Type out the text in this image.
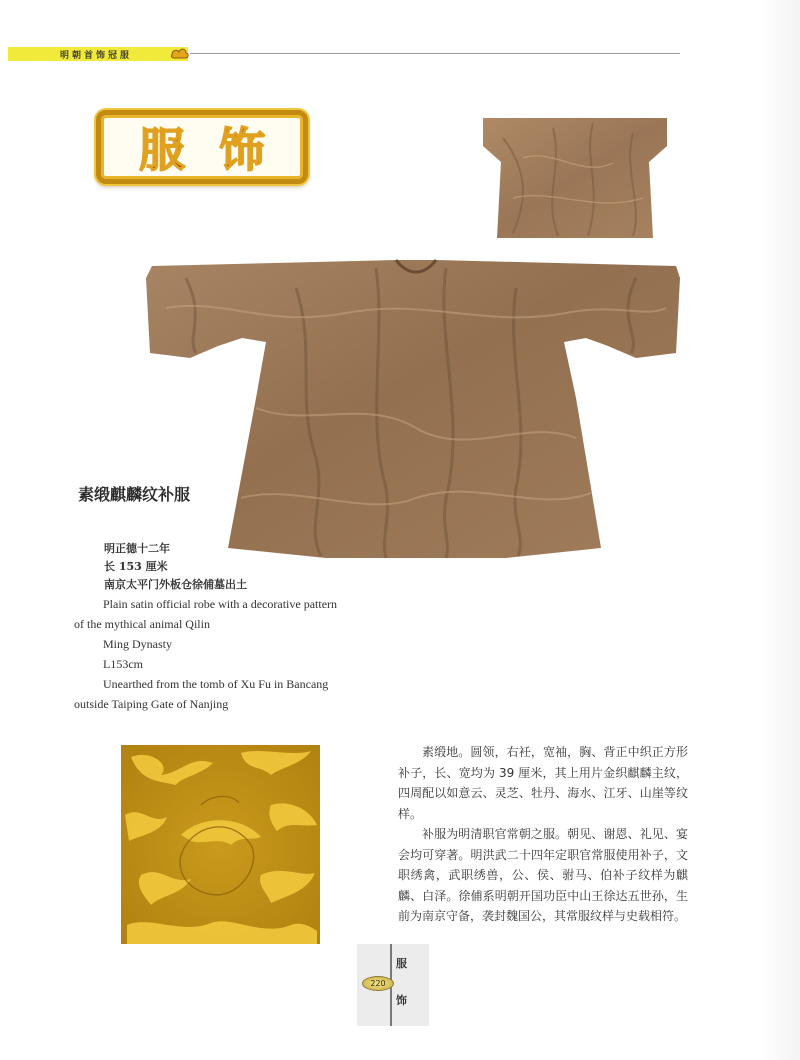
明朝首饰冠服
服饰
素缎麒麟纹补服
明正德十二年
长 153 厘米
南京太平门外板仓徐俌墓出土
Plain satin official robe with a decorative pattern
of the mythical animal Qilin
Ming Dynasty
L153cm
Unearthed from the tomb of Xu Fu in Bancang
outside Taiping Gate of Nanjing

素缎地。圆领，右衽，宽袖，胸、背正中织正方形补子，长、宽均为 39 厘米，其上用片金织麒麟主纹，四周配以如意云、灵芝、牡丹、海水、江牙、山崖等纹样。

补服为明清职官常朝之服。朝见、谢恩、礼见、宴会均可穿著。明洪武二十四年定职官常服使用补子，文职绣禽，武职绣兽，公、侯、驸马、伯补子纹样为麒麟、白泽。徐俌系明朝开国功臣中山王徐达五世孙，生前为南京守备，袭封魏国公，其常服纹样与史载相符。

220
服
饰
